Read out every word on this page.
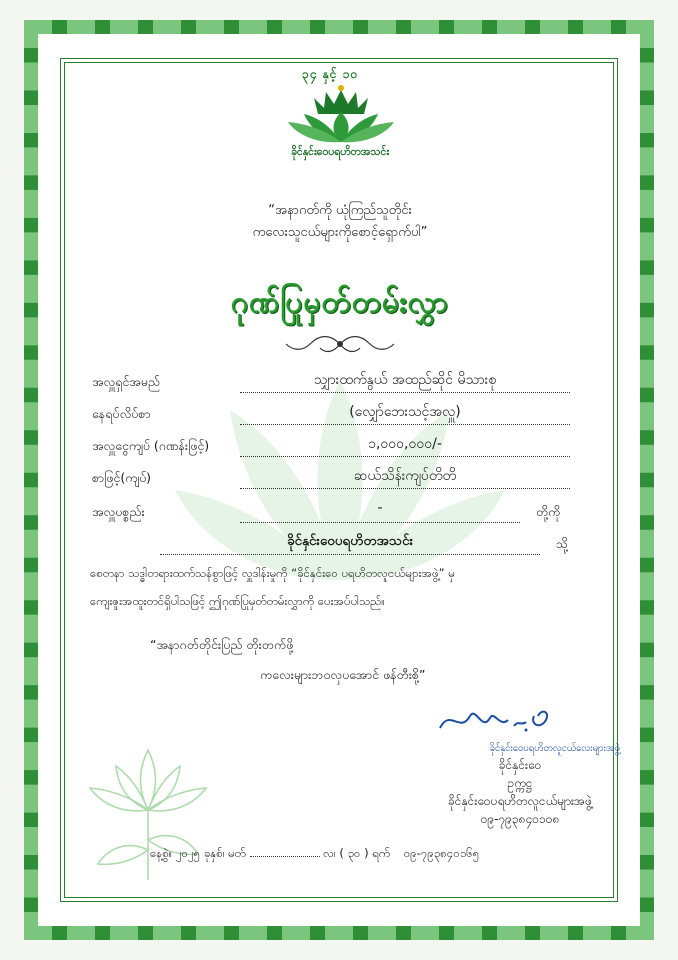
၃၄ နှင့် ၁၀
ခိုင်နှင်းဝေပရဟိတအသင်း
“အနာဂတ်ကို ယုံကြည်သူတိုင်း
ကလေးသူငယ်များကိုစောင့်ရှောက်ပါ”
ဂုဏ်ပြုမှတ်တမ်းလွှာ
အလှူရှင်အမည်	သျှားထက်နွယ် အထည်ဆိုင် မိသားစု
နေရပ်လိပ်စာ	(လျှော်ဘေးသင့်အလှူ)
အလှူငွေကျပ် (ဂဏန်းဖြင့်)	၁,၀၀၀,၀၀၀/-
စာဖြင့်(ကျပ်)	ဆယ်သိန်းကျပ်တိတိ
အလှူပစ္စည်း	-	တို့ကို
ခိုင်နှင်းဝေပရဟိတအသင်း	သို့
စေတနာ သဒ္ဓါတရားထက်သန်စွာဖြင့် လှူဒါန်းမှုကို “ခိုင်နှင်းဝေ ပရဟိတလူငယ်များအဖွဲ့” မှ
ကျေးဇူးအထူးတင်ရှိပါသဖြင့် ဤဂုဏ်ပြုမှတ်တမ်းလွှာကို ပေးအပ်ပါသည်။
“အနာဂတ်တိုင်းပြည် တိုးတက်ဖို့
ကလေးများဘဝလှပအောင် ဖန်တီးစို့”
ခိုင်နှင်းဝေပရဟိတလူငယ်လေးများအဖွဲ့
ခိုင်နှင်းဝေ
ဥက္ကဋ္ဌ
ခိုင်နှင်းဝေပရဟိတလူငယ်များအဖွဲ့
၀၉-၇၉၃၈၄၀၁၀၈
နေ့စွဲ။ ၂၀၂၅ ခုနှစ်၊ မတ်	လ၊ ( ၃၀ ) ရက် ၀၉-၇၉၃၈၄၀၁၆၅
